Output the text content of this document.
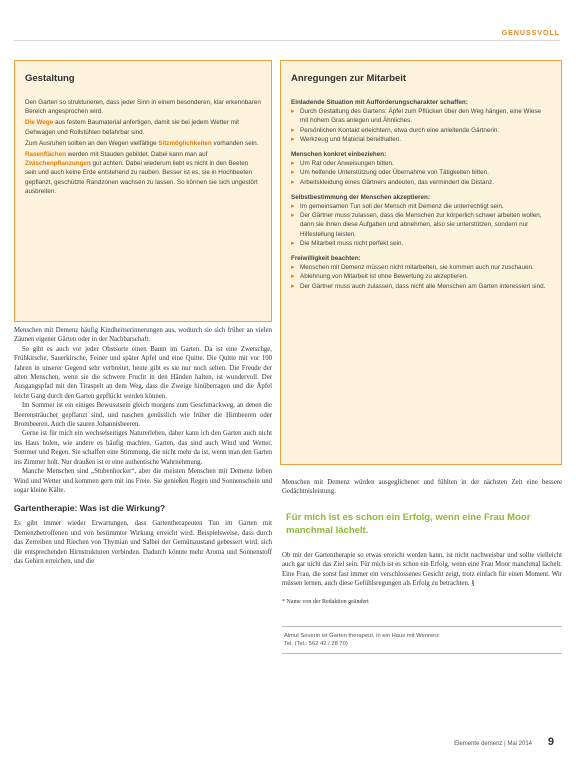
GENUSSVOLL
Gestaltung

Den Garten so strukturieren, dass jeder Sinn in einem besonderen, klar erkennbaren Bereich angesprochen wird.

Die Wege aus festem Baumaterial anfertigen, damit sie bei jedem Wetter mit Gehwagen und Rollstühlen befahrbar sind.

Zum Ausruhen sollten an den Wegen vielfältige Sitzmöglichkeiten vorhanden sein.

Rasenflächen werden mit Stauden gebildet. Dabei kann man auf Zwischenpflanzungen gut achten. Dabei wiederum liebt es nicht in den Beeten sein und auch keine Erde entstehend zu rauben. Besser ist es, sie in Hochbeeten gepflanzt, geschützte Randzonen wachsen zu lassen. So können sie sich ungestört ausbreiten.

Anregungen zur Mitarbeit

Einladende Situation mit Aufforderungscharakter schaffen:

▸ Durch Gestaltung des Gartens: Äpfel zum Pflücken über den Weg hängen, eine Wiese mit hohem Gras anlegen und Ähnliches.
▸ Persönlichen Kontakt erleichtern, etwa durch eine anleitende Gärtnerin.
▸ Werkzeug und Material bereithalten.

Menschen konkret einbeziehen:

▸ Um Rat oder Anweisungen bitten.
▸ Um helfende Unterstützung oder Übernahme von Tätigkeiten bitten.
▸ Arbeitskleidung eines Gärtners andeuten, das vermindert die Distanz.

Selbstbestimmung der Menschen akzeptieren:

▸ Im gemeinsamen Tun soll der Mensch mit Demenz die unterrechtigt sein.
▸ Der Gärtner muss zulassen, dass die Menschen zur körperlich schwer arbeiten wollen, dann sie ihnen diese Aufgaben und abnehmen, also sie unterstützen, sondern nur Hilfestellung leisten.
▸ Die Mitarbeit muss nicht perfekt sein.

Freiwilligkeit beachten:

▸ Menschen mit Demenz müssen nicht mitarbeiten, sie kommen auch nur zuschauen.
▸ Ablehnung von Mitarbeit ist ohne Bewertung zu akzeptieren.
▸ Der Gärtner muss auch zulassen, dass nicht alle Menschen am Garten interessiert sind.

Menschen mit Demenz häufig Kindheitserinnerungen aus, wodurch sie sich früher an vielen Zäunen eigener Gärten oder in der Nachbarschaft.

So gibt es auch vor jeder Obstsorte einen Baum im Garten. Da ist eine Zwetschge, Frühkirsche, Sauerkirsche, Feiner und später Apfel und eine Quitte. Die Quitte mit vor 100 Jahren in unserer Gegend sehr verbreitet, heute gibt es sie nur noch selten. Die Freude der alten Menschen, wenn sie die schwere Frucht in den Händen halten, ist wundervoll. Der Ausgangspfad mit den Tiraspelt an dem Weg, dass die Zweige hinüberragen und die Äpfel leicht Gang durch den Garten gepflückt werden können.

Im Sommer ist ein einiges Bewusstsein gleich morgens zum Geschmackweg, an denen die Beerensträucher gepflanzt sind, und naschen genüsslich wie früher die Himbeeren oder Brombeeren. Auch die sauren Johannisbeeren.

Gerne ist für mich ein wechselseitiges Naturerleben, daher kann ich den Garten auch nicht ins Haus holen, wie andere es häufig machten. Garten, das sind auch Wind und Wetter, Sommer und Regen. Sie schaffen eine Stimmung, die nicht mehr da ist, wenn man den Garten ins Zimmer holt. Nur draußen ist er eine authentische Wahrnehmung.

Manche Menschen sind „Stubenhocker“, aber die meisten Menschen mit Demenz lieben Wind und Wetter und kommen gern mit ins Freie. Sie genießen Regen und Sonnenschein und sogar kleine Kälte.

Gartentherapie: Was ist die Wirkung?

Es gibt immer wieder Erwartungen, dass Gartentherapeuten Tun im Garten mit Demenzbetroffenen und von bestimmter Wirkung erreicht wird. Beispielsweise, dass durch das Zerreiben und Riechen von Thymian und Salbei der Gemütszustand gebessert wird, sich die entsprechenden Hirnstrukturen verbinden. Dadurch könnte mehr Aroma und Sonnenstoff das Gehirn erreichen, und die

Menschen mit Demenz würden ausgeglichener und fühlten in der nächsten Zeit eine bessere Gedächtnisleistung.

Für mich ist es schon ein Erfolg, wenn eine Frau Moor manchmal lächelt.

Ob mit der Gartentherapie so etwas erreicht werden kann, ist nicht nachweisbar und sollte vielleicht auch gar nicht das Ziel sein. Für mich ist es schon ein Erfolg, wenn eine Frau Moor manchmal lächelt. Eine Frau, die sonst fast immer ein verschlossenes Gesicht zeigt, trotz einfach für einen Moment. Wir müssen lernen, auch diese Gefühlsregungen als Erfolg zu betrachten. §

* Name von der Redaktion geändert

Almut Severin ist Garten therapeut, in ein Haus mit Wennerz
Tel. (Tel.: 562 42 / 28 70)
Elemente demenz | Mai 2014 9
